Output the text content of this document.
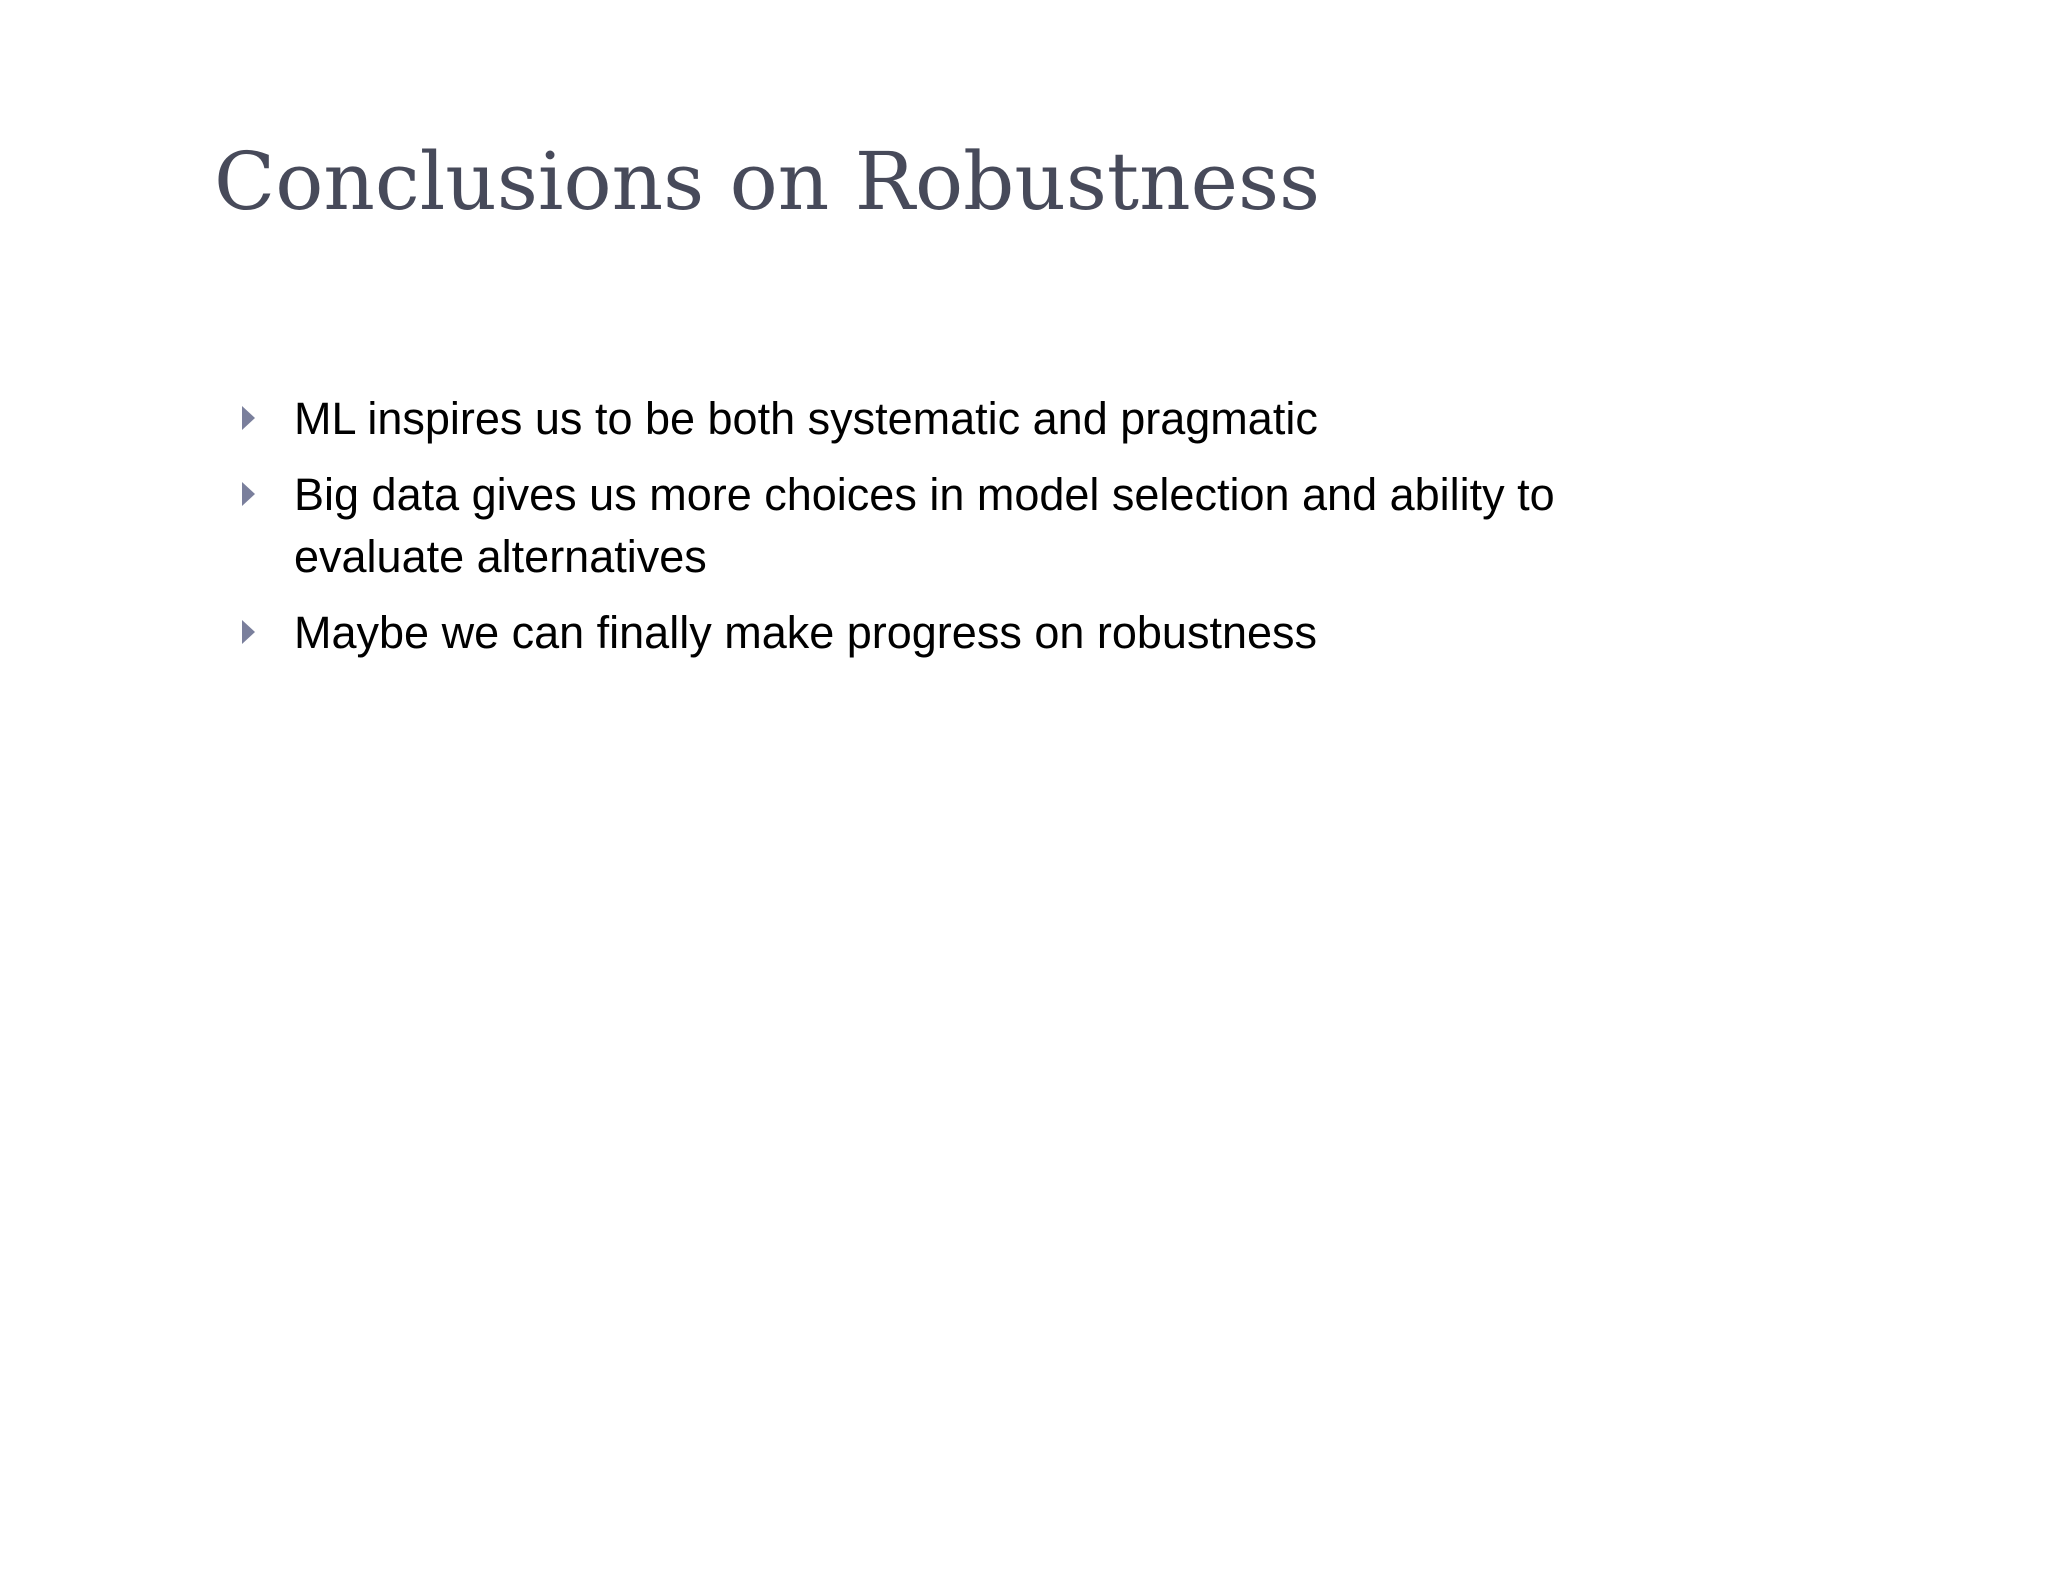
Conclusions on Robustness
ML inspires us to be both systematic and pragmatic
Big data gives us more choices in model selection and ability to evaluate alternatives
Maybe we can finally make progress on robustness
